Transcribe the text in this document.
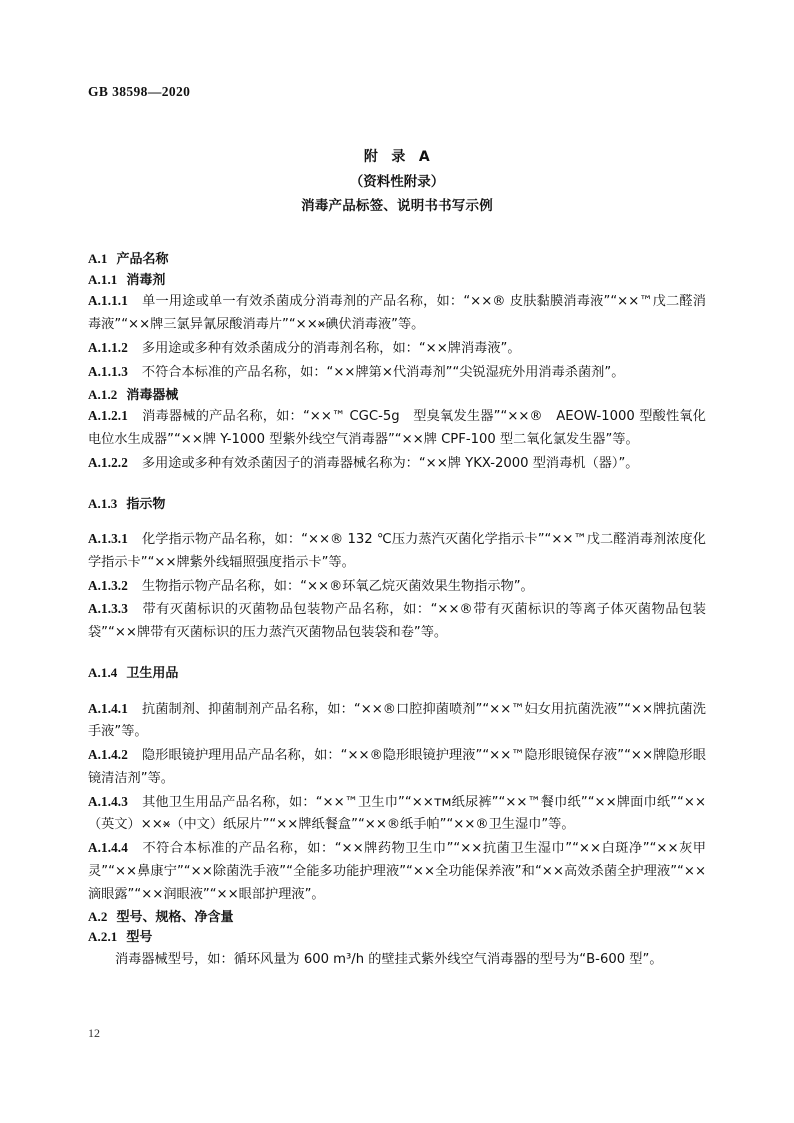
GB 38598—2020
附 录 A
（资料性附录）
消毒产品标签、说明书书写示例
A.1 产品名称
A.1.1 消毒剂

A.1.1.1 单一用途或单一有效杀菌成分消毒剂的产品名称，如：“××® 皮肤黏膜消毒液”“××™戊二醛消毒液”“××牌三氯异氰尿酸消毒片”“××᰾碘伏消毒液”等。

A.1.1.2 多用途或多种有效杀菌成分的消毒剂名称，如：“××牌消毒液”。

A.1.1.3 不符合本标准的产品名称，如：“××牌第×代消毒剂”“尖锐湿疣外用消毒杀菌剂”。

A.1.2 消毒器械

A.1.2.1 消毒器械的产品名称，如：“××™ CGC-5g　型臭氧发生器”“××®　AEOW-1000 型酸性氧化电位水生成器”“××牌 Y-1000 型紫外线空气消毒器”“××牌 CPF-100 型二氧化氯发生器”等。

A.1.2.2 多用途或多种有效杀菌因子的消毒器械名称为：“××牌 YKX-2000 型消毒机（器）”。

A.1.3 指示物

A.1.3.1 化学指示物产品名称，如：“××® 132 ℃压力蒸汽灭菌化学指示卡”“××™戊二醛消毒剂浓度化学指示卡”“××牌紫外线辐照强度指示卡”等。

A.1.3.2 生物指示物产品名称，如：“××®环氧乙烷灭菌效果生物指示物”。

A.1.3.3 带有灭菌标识的灭菌物品包装物产品名称，如：“××®带有灭菌标识的等离子体灭菌物品包装袋”“××牌带有灭菌标识的压力蒸汽灭菌物品包装袋和卷”等。

A.1.4 卫生用品

A.1.4.1 抗菌制剂、抑菌制剂产品名称，如：“××®口腔抑菌喷剂”“××™妇女用抗菌洗液”“××牌抗菌洗手液”等。

A.1.4.2 隐形眼镜护理用品产品名称，如：“××®隐形眼镜护理液”“××™隐形眼镜保存液”“××牌隐形眼镜清洁剂”等。

A.1.4.3 其他卫生用品产品名称，如：“××™卫生巾”“××ᴛᴍ纸尿裤”“××™餐巾纸”“××牌面巾纸”“××（英文）××᰾（中文）纸尿片”“××牌纸餐盒”“××®纸手帕”“××®卫生湿巾”等。

A.1.4.4 不符合本标准的产品名称，如：“××牌药物卫生巾”“××抗菌卫生湿巾”“××白斑净”“××灰甲灵”“××鼻康宁”“××除菌洗手液”“全能多功能护理液”“××全功能保养液”和“××高效杀菌全护理液”“××滴眼露”“××润眼液”“××眼部护理液”。

A.2 型号、规格、净含量
A.2.1 型号

消毒器械型号，如：循环风量为 600 m³/h 的壁挂式紫外线空气消毒器的型号为“B-600 型”。

12
